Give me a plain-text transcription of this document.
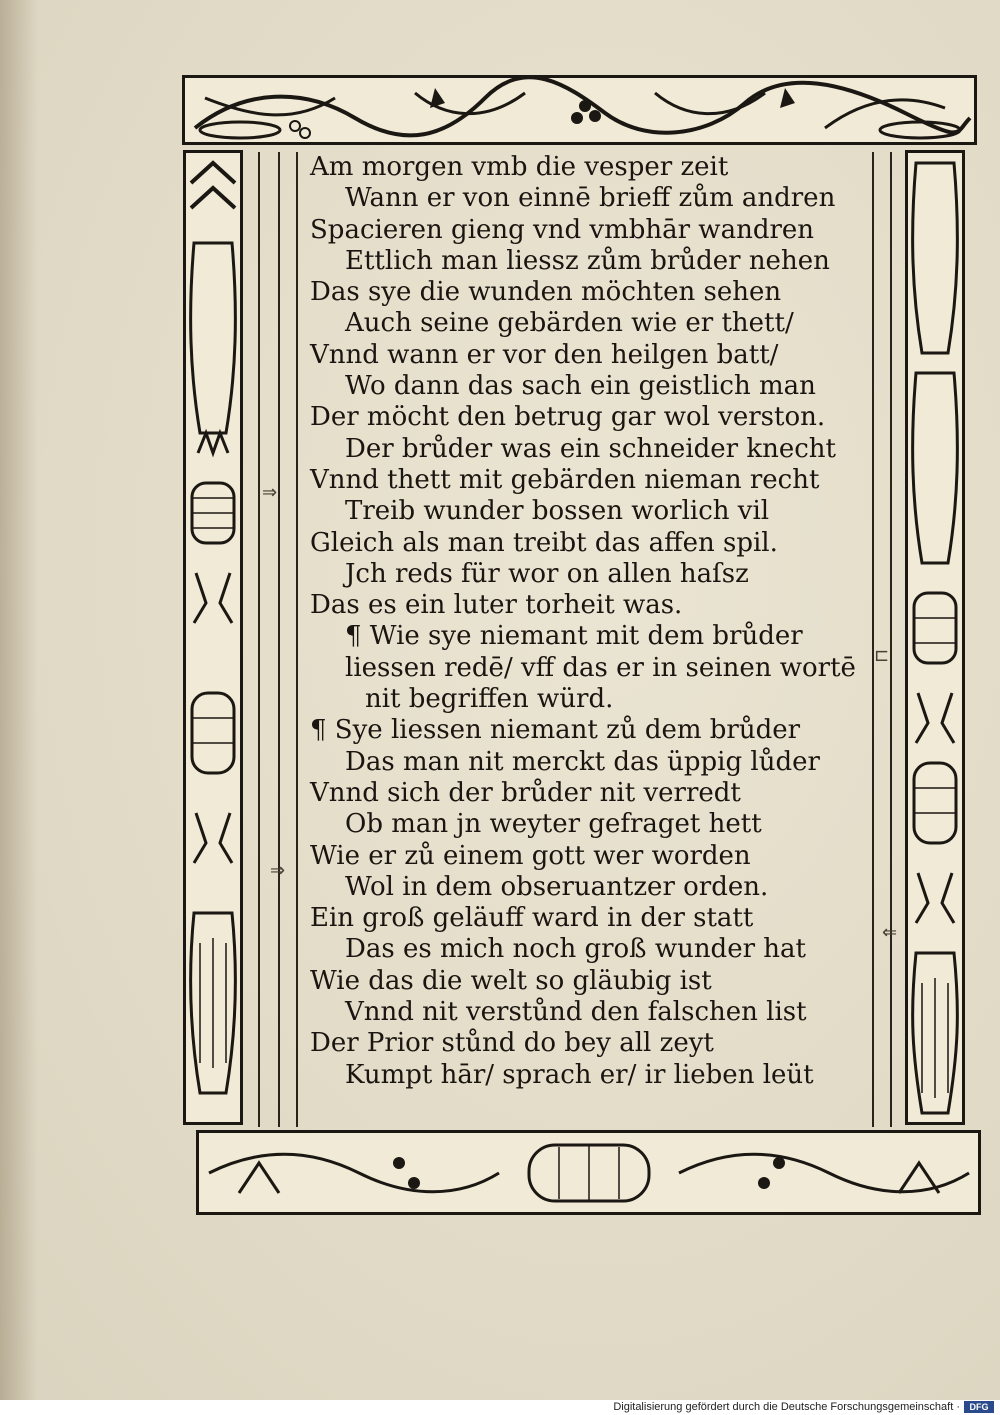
⇒
⇒
⊏
⇐
Am morgen vmb die vesper zeit
Wann er von einnē brieff zům andren
Spacieren gieng vnd vmbhār wandren
Ettlich man liessz zům brůder nehen
Das sye die wunden möchten sehen
Auch seine gebärden wie er thett/
Vnnd wann er vor den heilgen batt/
Wo dann das sach ein geistlich man
Der möcht den betrug gar wol verston.
Der brůder was ein schneider knecht
Vnnd thett mit gebärden nieman recht
Treib wunder bossen worlich vil
Gleich als man treibt das affen spil.
Jch reds für wor on allen haſsz
Das es ein luter torheit was.
¶ Wie sye niemant mit dem brůder
liessen redē/ vff das er in seinen wortē
nit begriffen würd.
¶ Sye liessen niemant zů dem brůder
Das man nit merckt das üppig lůder
Vnnd sich der brůder nit verredt
Ob man jn weyter gefraget hett
Wie er zů einem gott wer worden
Wol in dem obseruantzer orden.
Ein groß geläuff ward in der statt
Das es mich noch groß wunder hat
Wie das die welt so gläubig ist
Vnnd nit verstůnd den falschen list
Der Prior stůnd do bey all zeyt
Kumpt hār/ sprach er/ ir lieben leüt
Digitalisierung gefördert durch die Deutsche Forschungsgemeinschaft ·	DFG
